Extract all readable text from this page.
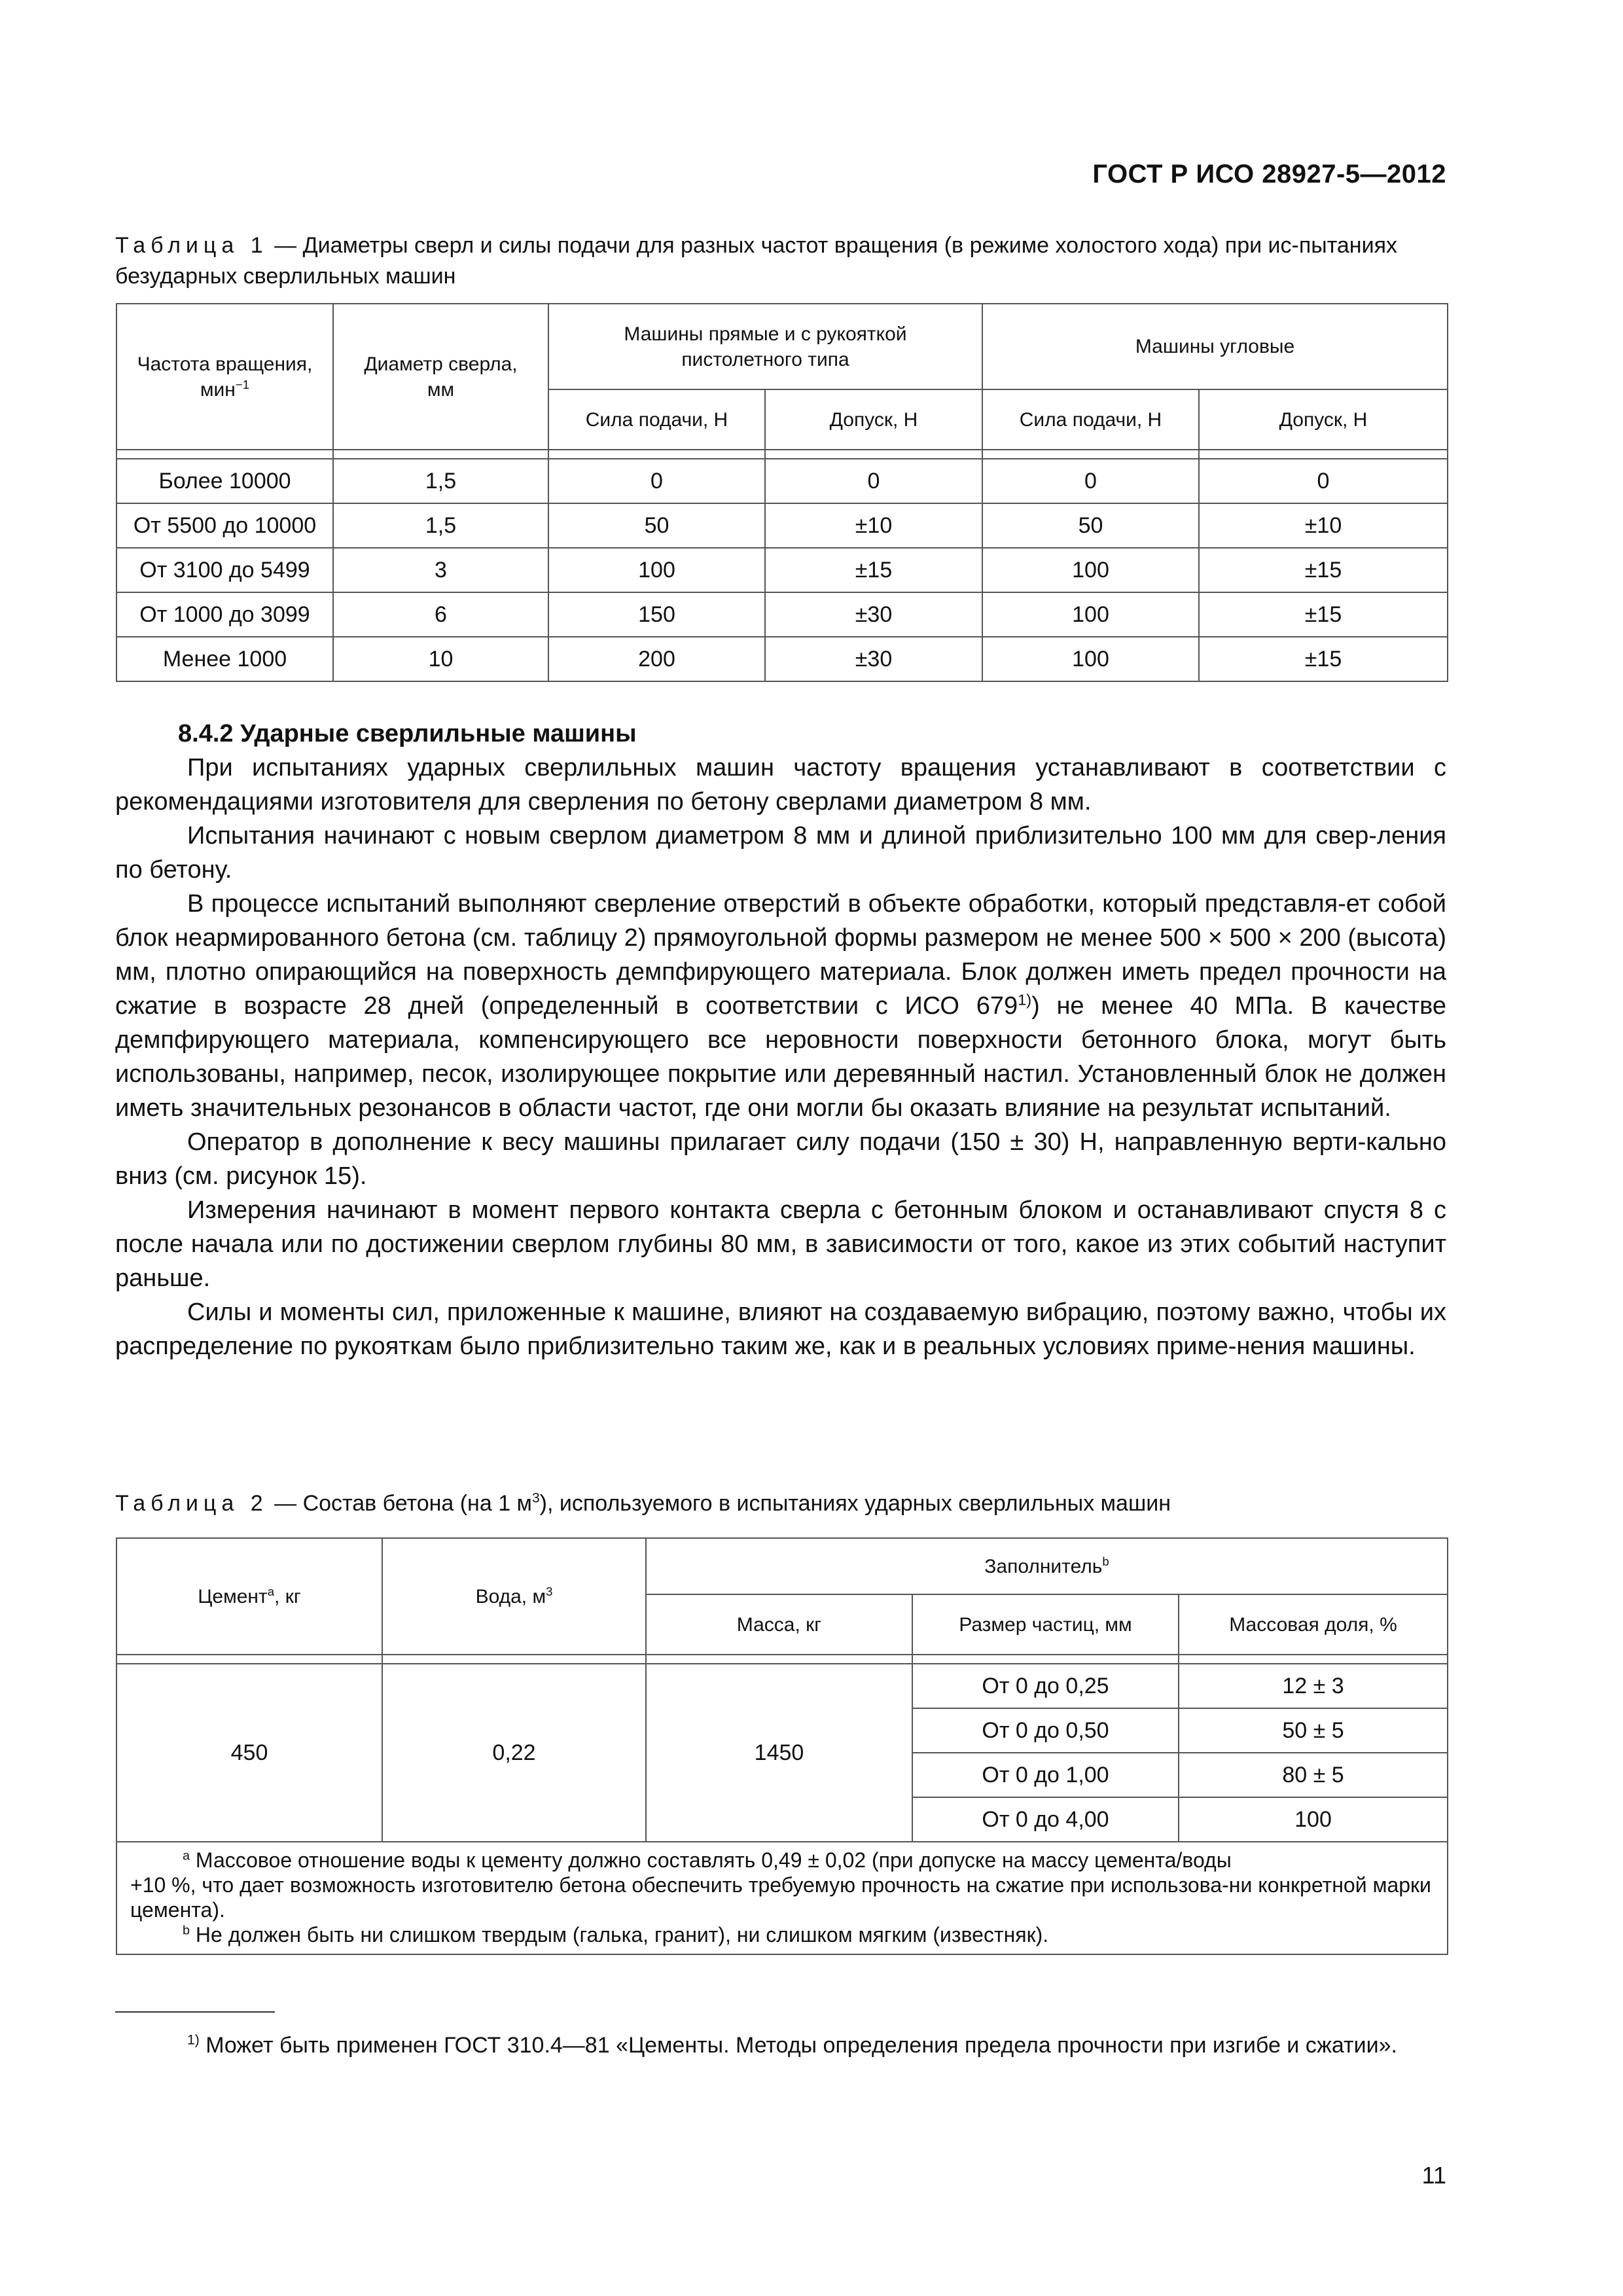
ГОСТ Р ИСО 28927-5—2012
Таблица 1 — Диаметры сверл и силы подачи для разных частот вращения (в режиме холостого хода) при ис-пытаниях безударных сверлильных машин
Частота вращения,
мин$^{-1}$	Диаметр сверла, мм	Машины прямые и с рукояткой пистолетного типа		Машины угловые	
		Сила подачи, Н	Допуск, Н	Сила подачи, Н	Допуск, Н

Более 10000	1,5	0	0	0	0
От 5500 до 10000	1,5	50	±10	50	±10
От 3100 до 5499	3	100	±15	100	±15
От 1000 до 3099	6	150	±30	100	±15
Менее 1000	10	200	±30	100	±15

8.4.2 Ударные сверлильные машины

При испытаниях ударных сверлильных машин частоту вращения устанавливают в соответствии с рекомендациями изготовителя для сверления по бетону сверлами диаметром 8 мм.

Испытания начинают с новым сверлом диаметром 8 мм и длиной приблизительно 100 мм для свер-ления по бетону.

В процессе испытаний выполняют сверление отверстий в объекте обработки, который представля-ет собой блок неармированного бетона (см. таблицу 2) прямоугольной формы размером не менее 500 × 500 × 200 (высота) мм, плотно опирающийся на поверхность демпфирующего материала. Блок должен иметь предел прочности на сжатие в возрасте 28 дней (определенный в соответствии с ИСО 679$^{1)}$) не менее 40 МПа. В качестве демпфирующего материала, компенсирующего все неровности поверхности бетонного блока, могут быть использованы, например, песок, изолирующее покрытие или деревянный настил. Установленный блок не должен иметь значительных резонансов в области частот, где они могли бы оказать влияние на результат испытаний.

Оператор в дополнение к весу машины прилагает силу подачи (150 ± 30) Н, направленную верти-кально вниз (см. рисунок 15).

Измерения начинают в момент первого контакта сверла с бетонным блоком и останавливают спустя 8 с после начала или по достижении сверлом глубины 80 мм, в зависимости от того, какое из этих событий наступит раньше.

Силы и моменты сил, приложенные к машине, влияют на создаваемую вибрацию, поэтому важно, чтобы их распределение по рукояткам было приблизительно таким же, как и в реальных условиях приме-нения машины.

Таблица 2 — Состав бетона (на 1 $м^3$), используемого в испытаниях ударных сверлильных машин
Цемент$^a$, кг	Вода, $м^3$	Заполнитель$^b$
		Масса, кг	Размер частиц, мм	Массовая доля, %

450	0,22	1450	От 0 до 0,25	12 ± 3
			От 0 до 0,50	50 ± 5
			От 0 до 1,00	80 ± 5
			От 0 до 4,00	100

$^a$ Массовое отношение воды к цементу должно составлять 0,49 ± 0,02 (при допуске на массу цемента/воды

+10 %, что дает возможность изготовителю бетона обеспечить требуемую прочность на сжатие при использова-ни конкретной марки цемента).

$^b$ Не должен быть ни слишком твердым (галька, гранит), ни слишком мягким (известняк).				

$^{1)}$ Может быть применен ГОСТ 310.4—81 «Цементы. Методы определения предела прочности при изгибе и сжатии».
11
